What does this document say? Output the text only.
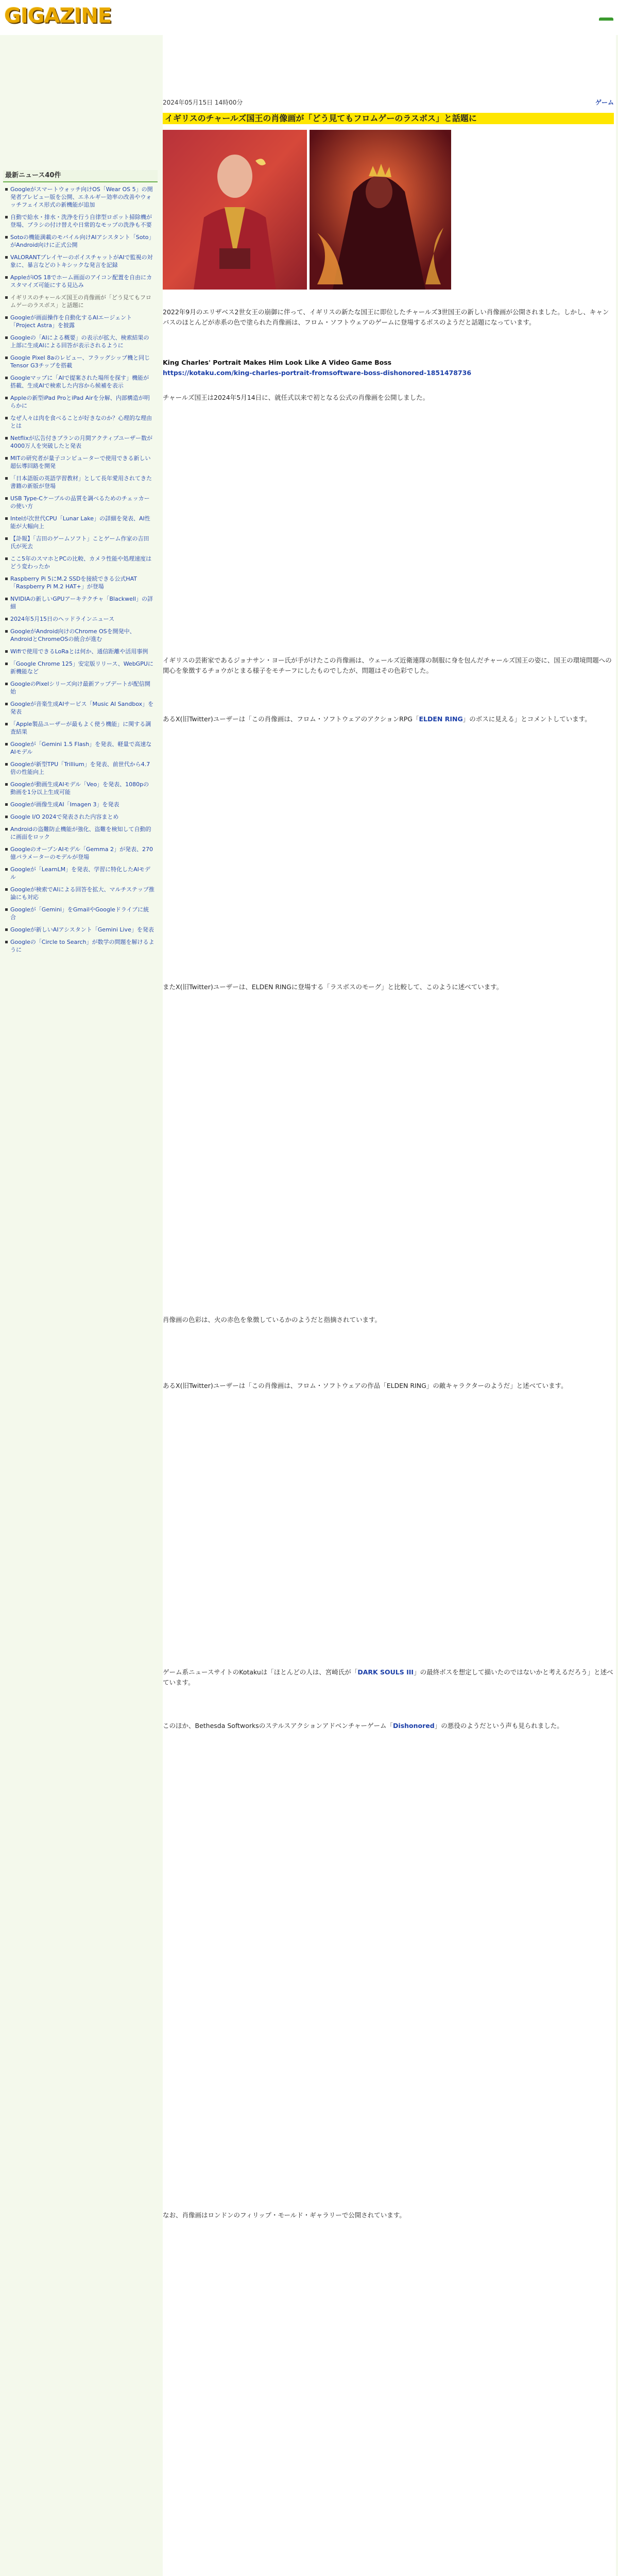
GIGAZINE
最新ニュース40件
Googleがスマートウォッチ向けOS「Wear OS 5」の開発者プレビュー版を公開、エネルギー効率の改善やウォッチフェイス形式の新機能が追加
自動で給水・排水・洗浄を行う自律型ロボット掃除機が登場、ブラシの付け替えや日常的なモップの洗浄も不要
Sotoの機能満載のモバイル向けAIアシスタント「Soto」がAndroid向けに正式公開
VALORANTプレイヤーのボイスチャットがAIで監視の対象に、暴言などのトキシックな発言を記録
AppleがiOS 18でホーム画面のアイコン配置を自由にカスタマイズ可能にする見込み
イギリスのチャールズ国王の肖像画が「どう見てもフロムゲーのラスボス」と話題に
Googleが画面操作を自動化するAIエージェント「Project Astra」を披露
Googleの「AIによる概要」の表示が拡大、検索結果の上部に生成AIによる回答が表示されるように
Google Pixel 8aのレビュー、フラッグシップ機と同じTensor G3チップを搭載
Googleマップに「AIで提案された場所を探す」機能が搭載、生成AIで検索した内容から候補を表示
Appleの新型iPad ProとiPad Airを分解、内部構造が明らかに
なぜ人々は肉を食べることが好きなのか？心理的な理由とは
Netflixが広告付きプランの月間アクティブユーザー数が4000万人を突破したと発表
MITの研究者が量子コンピューターで使用できる新しい超伝導回路を開発
「日本語版の英語学習教材」として長年愛用されてきた書籍の新版が登場
USB Type-Cケーブルの品質を調べるためのチェッカーの使い方
Intelが次世代CPU「Lunar Lake」の詳細を発表、AI性能が大幅向上
【訃報】「吉田のゲームソフト」ことゲーム作家の吉田氏が死去
ここ5年のスマホとPCの比較、カメラ性能や処理速度はどう変わったか
Raspberry Pi 5にM.2 SSDを接続できる公式HAT「Raspberry Pi M.2 HAT+」が登場
NVIDIAの新しいGPUアーキテクチャ「Blackwell」の詳細
2024年5月15日のヘッドラインニュース
GoogleがAndroid向けのChrome OSを開発中、AndroidとChromeOSの統合が進む
Wifiで使用できるLoRaとは何か、通信距離や活用事例
「Google Chrome 125」安定版リリース、WebGPUに新機能など
GoogleのPixelシリーズ向け最新アップデートが配信開始
Googleが音楽生成AIサービス「Music AI Sandbox」を発表
「Apple製品ユーザーが最もよく使う機能」に関する調査結果
Googleが「Gemini 1.5 Flash」を発表、軽量で高速なAIモデル
Googleが新型TPU「Trillium」を発表、前世代から4.7倍の性能向上
Googleが動画生成AIモデル「Veo」を発表、1080pの動画を1分以上生成可能
Googleが画像生成AI「Imagen 3」を発表
Google I/O 2024で発表された内容まとめ
Androidの盗難防止機能が強化、盗難を検知して自動的に画面をロック
GoogleのオープンAIモデル「Gemma 2」が発表、270億パラメーターのモデルが登場
Googleが「LearnLM」を発表、学習に特化したAIモデル
Googleが検索でAIによる回答を拡大、マルチステップ推論にも対応
Googleが「Gemini」をGmailやGoogleドライブに統合
Googleが新しいAIアシスタント「Gemini Live」を発表
Googleの「Circle to Search」が数学の問題を解けるように
2024年05月15日 14時00分	ゲーム
イギリスのチャールズ国王の肖像画が「どう見てもフロムゲーのラスボス」と話題に

2022年9月のエリザベス2世女王の崩御に伴って、イギリスの新たな国王に即位したチャールズ3世国王の新しい肖像画が公開されました。しかし、キャンバスのほとんどが赤系の色で塗られた肖像画は、フロム・ソフトウェアのゲームに登場するボスのようだと話題になっています。

King Charles' Portrait Makes Him Look Like A Video Game Boss
https://kotaku.com/king-charles-portrait-fromsoftware-boss-dishonored-1851478736

チャールズ国王は2024年5月14日に、就任式以来で初となる公式の肖像画を公開しました。

イギリスの芸術家であるジョナサン・ヨー氏が手がけたこの肖像画は、ウェールズ近衛連隊の制服に身を包んだチャールズ国王の姿に、国王の環境問題への関心を象徴するチョウがとまる様子をモチーフにしたものでしたが、問題はその色彩でした。

あるX(旧Twitter)ユーザーは「この肖像画は、フロム・ソフトウェアのアクションRPG「ELDEN RING」のボスに見える」とコメントしています。

またX(旧Twitter)ユーザーは、ELDEN RINGに登場する「ラスボスのモーグ」と比較して、このように述べています。

肖像画の色彩は、火の赤色を象徴しているかのようだと指摘されています。

あるX(旧Twitter)ユーザーは「この肖像画は、フロム・ソフトウェアの作品「ELDEN RING」の敵キャラクターのようだ」と述べています。

ゲーム系ニュースサイトのKotakuは「ほとんどの人は、宮崎氏が「DARK SOULS III」の最終ボスを想定して描いたのではないかと考えるだろう」と述べています。

このほか、Bethesda Softworksのステルスアクションアドベンチャーゲーム「Dishonored」の悪役のようだという声も見られました。

なお、肖像画はロンドンのフィリップ・モールド・ギャラリーで公開されています。
